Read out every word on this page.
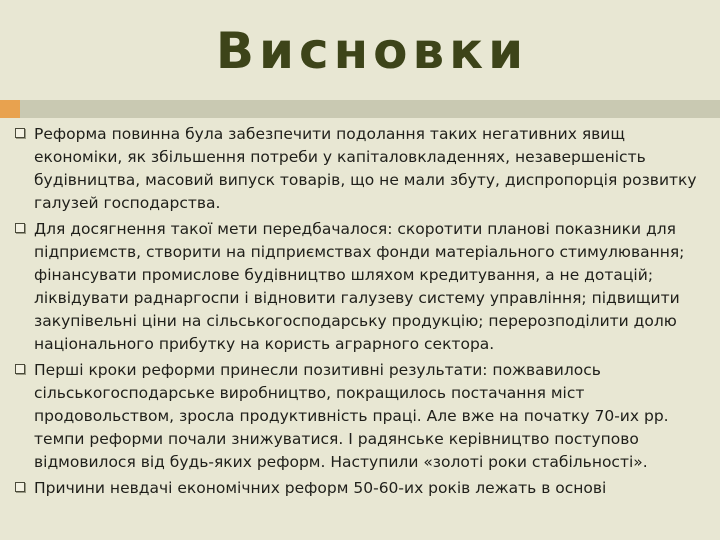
Висновки
Реформа повинна була забезпечити подолання таких негативних явищ економіки, як збільшення потреби у капіталовкладеннях, незавершеність будівництва, масовий випуск товарів, що не мали збуту, диспропорція розвитку галузей господарства.
Для досягнення такої мети передбачалося: скоротити планові показники для підприємств, створити на підприємствах фонди матеріального стимулювання; фінансувати промислове будівництво шляхом кредитування, а не дотацій; ліквідувати раднаргоспи і відновити галузеву систему управління; підвищити закупівельні ціни на сільськогосподарську продукцію; перерозподілити долю національного прибутку на користь аграрного сектора.
Перші кроки реформи принесли позитивні результати: пожвавилось сільськогосподарське виробництво, покращилось постачання міст продовольством, зросла продуктивність праці. Але вже на початку 70-их рр. темпи реформи почали знижуватися. І радянське керівництво поступово відмовилося від будь-яких реформ. Наступили «золоті роки стабільності».
Причини невдачі економічних реформ 50-60-их років лежать в основі
